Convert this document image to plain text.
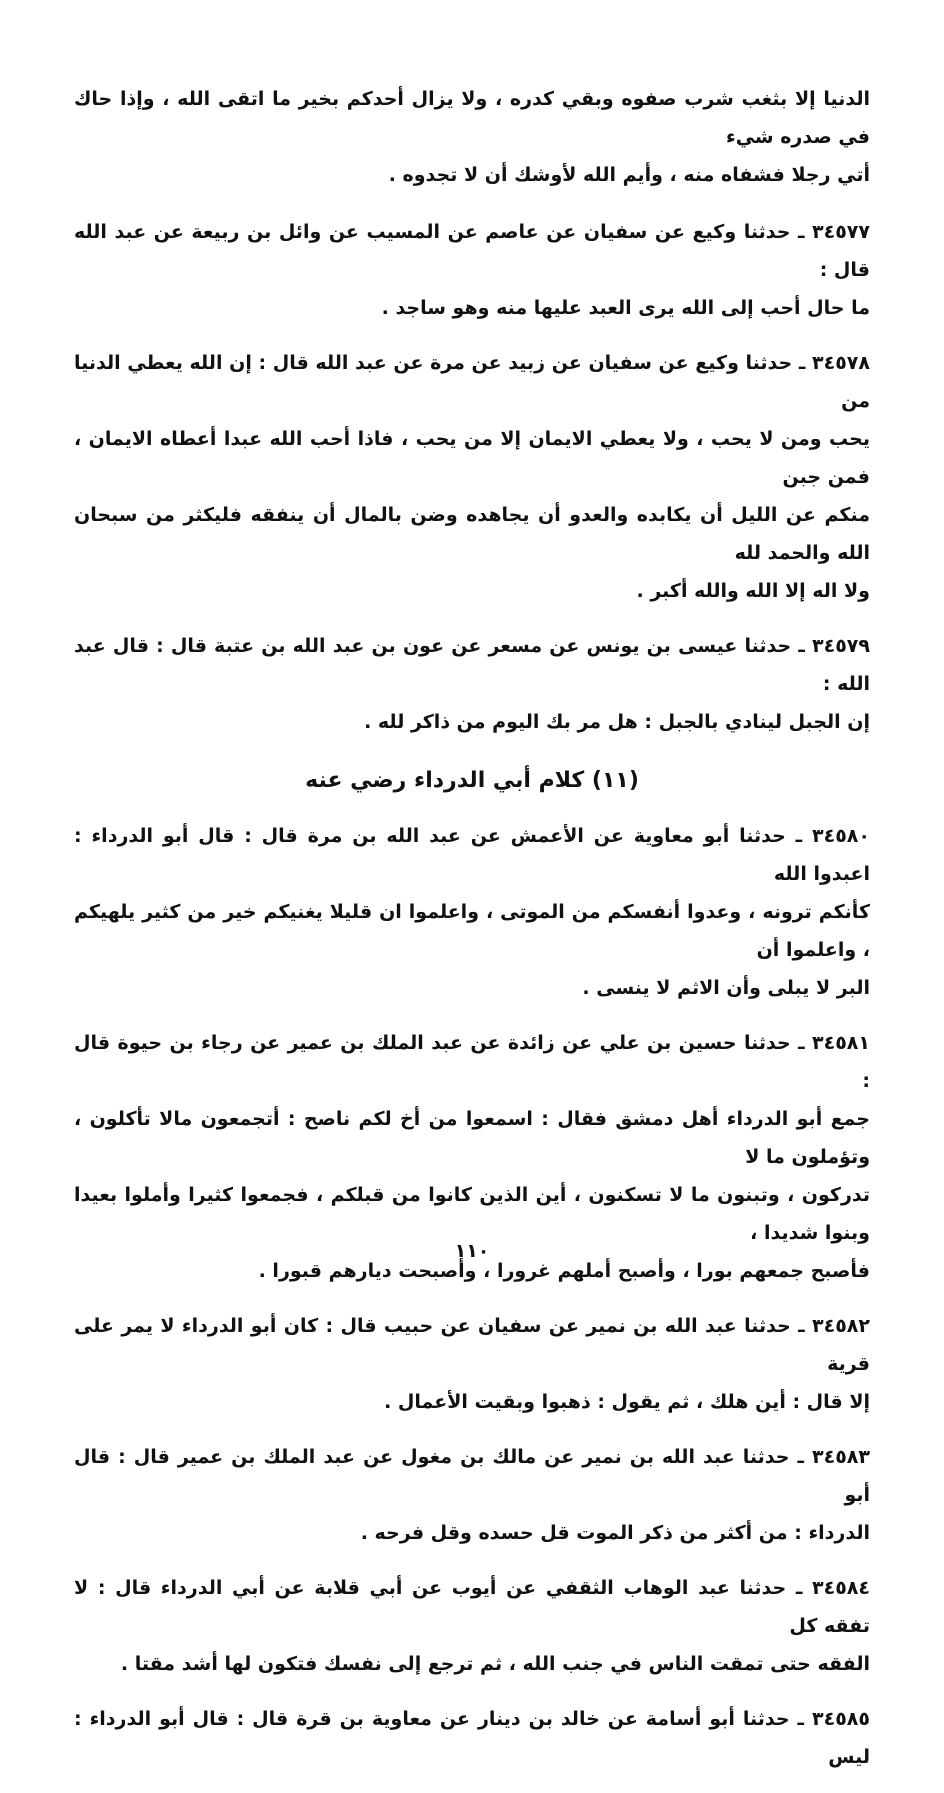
الدنيا إلا بثغب شرب صفوه وبقي كدره ، ولا يزال أحدكم بخير ما اتقى الله ، وإذا حاك في صدره شيء
أتي رجلا فشفاه منه ، وأيم الله لأوشك أن لا تجدوه .

٣٤٥٧٧ ـ حدثنا وكيع عن سفيان عن عاصم عن المسيب عن وائل بن ربيعة عن عبد الله قال :
ما حال أحب إلى الله يرى العبد عليها منه وهو ساجد .

٣٤٥٧٨ ـ حدثنا وكيع عن سفيان عن زبيد عن مرة عن عبد الله قال : إن الله يعطي الدنيا من
يحب ومن لا يحب ، ولا يعطي الايمان إلا من يحب ، فاذا أحب الله عبدا أعطاه الايمان ، فمن جبن
منكم عن الليل أن يكابده والعدو أن يجاهده وضن بالمال أن ينفقه فليكثر من سبحان الله والحمد لله
ولا اله إلا الله والله أكبر .

٣٤٥٧٩ ـ حدثنا عيسى بن يونس عن مسعر عن عون بن عبد الله بن عتبة قال : قال عبد الله :
إن الجبل لينادي بالجبل : هل مر بك اليوم من ذاكر لله .

(١١) كلام أبي الدرداء رضي عنه

٣٤٥٨٠ ـ حدثنا أبو معاوية عن الأعمش عن عبد الله بن مرة قال : قال أبو الدرداء : اعبدوا الله
كأنكم ترونه ، وعدوا أنفسكم من الموتى ، واعلموا ان قليلا يغنيكم خير من كثير يلهيكم ، واعلموا أن
البر لا يبلى وأن الاثم لا ينسى .

٣٤٥٨١ ـ حدثنا حسين بن علي عن زائدة عن عبد الملك بن عمير عن رجاء بن حيوة قال :
جمع أبو الدرداء أهل دمشق فقال : اسمعوا من أخ لكم ناصح : أتجمعون مالا تأكلون ، وتؤملون ما لا
تدركون ، وتبنون ما لا تسكنون ، أين الذين كانوا من قبلكم ، فجمعوا كثيرا وأملوا بعيدا وبنوا شديدا ،
فأصبح جمعهم بورا ، وأصبح أملهم غرورا ، وأصبحت ديارهم قبورا .

٣٤٥٨٢ ـ حدثنا عبد الله بن نمير عن سفيان عن حبيب قال : كان أبو الدرداء لا يمر على قرية
إلا قال : أين هلك ، ثم يقول : ذهبوا وبقيت الأعمال .

٣٤٥٨٣ ـ حدثنا عبد الله بن نمير عن مالك بن مغول عن عبد الملك بن عمير قال : قال أبو
الدرداء : من أكثر من ذكر الموت قل حسده وقل فرحه .

٣٤٥٨٤ ـ حدثنا عبد الوهاب الثقفي عن أيوب عن أبي قلابة عن أبي الدرداء قال : لا تفقه كل
الفقه حتى تمقت الناس في جنب الله ، ثم ترجع إلى نفسك فتكون لها أشد مقتا .

٣٤٥٨٥ ـ حدثنا أبو أسامة عن خالد بن دينار عن معاوية بن قرة قال : قال أبو الدرداء : ليس

١١٠
